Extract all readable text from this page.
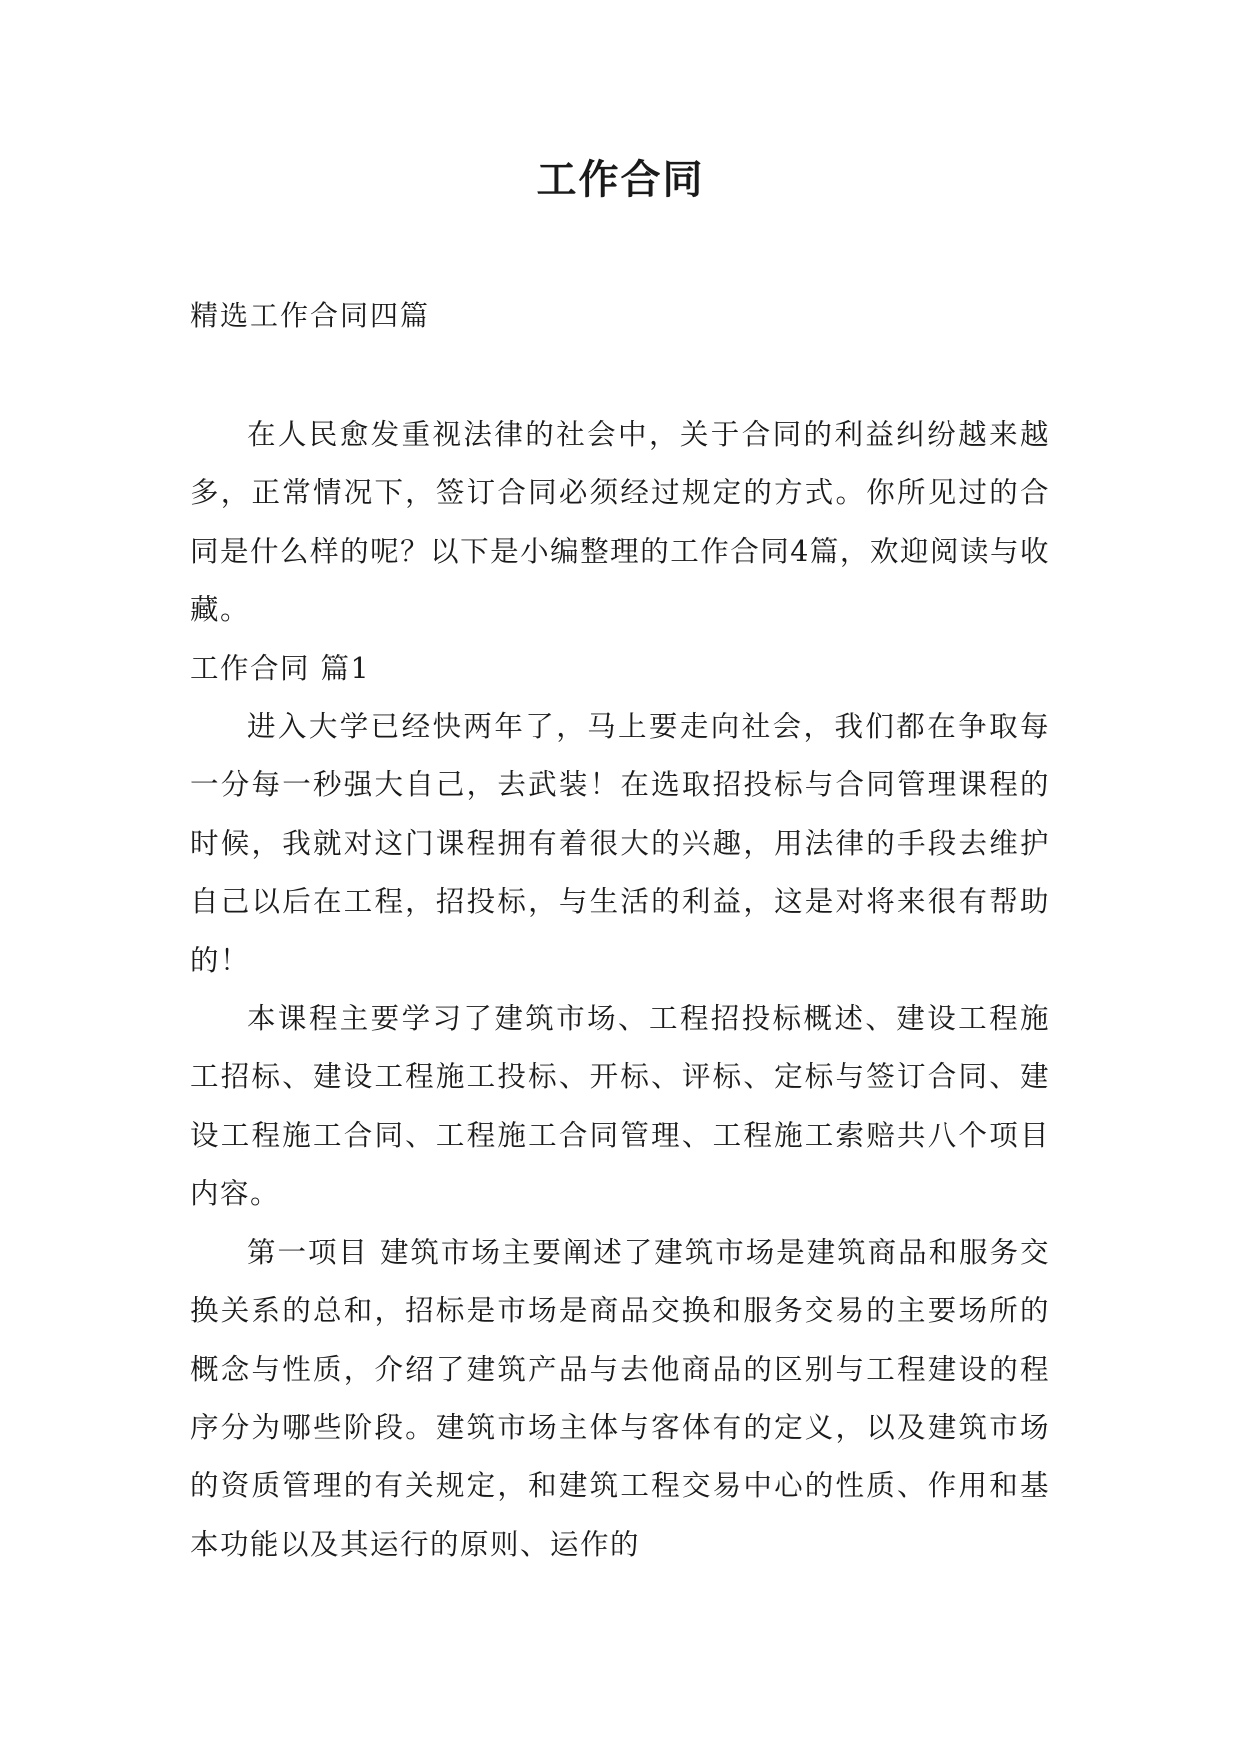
工作合同

精选工作合同四篇

在人民愈发重视法律的社会中，关于合同的利益纠纷越来越多，正常情况下，签订合同必须经过规定的方式。你所见过的合同是什么样的呢？以下是小编整理的工作合同4篇，欢迎阅读与收藏。

工作合同 篇1

进入大学已经快两年了，马上要走向社会，我们都在争取每一分每一秒强大自己，去武装！在选取招投标与合同管理课程的时候，我就对这门课程拥有着很大的兴趣，用法律的手段去维护自己以后在工程，招投标，与生活的利益，这是对将来很有帮助的！

本课程主要学习了建筑市场、工程招投标概述、建设工程施工招标、建设工程施工投标、开标、评标、定标与签订合同、建设工程施工合同、工程施工合同管理、工程施工索赔共八个项目内容。

第一项目 建筑市场主要阐述了建筑市场是建筑商品和服务交换关系的总和，招标是市场是商品交换和服务交易的主要场所的概念与性质，介绍了建筑产品与去他商品的区别与工程建设的程序分为哪些阶段。建筑市场主体与客体有的定义，以及建筑市场的资质管理的有关规定，和建筑工程交易中心的性质、作用和基本功能以及其运行的原则、运作的
